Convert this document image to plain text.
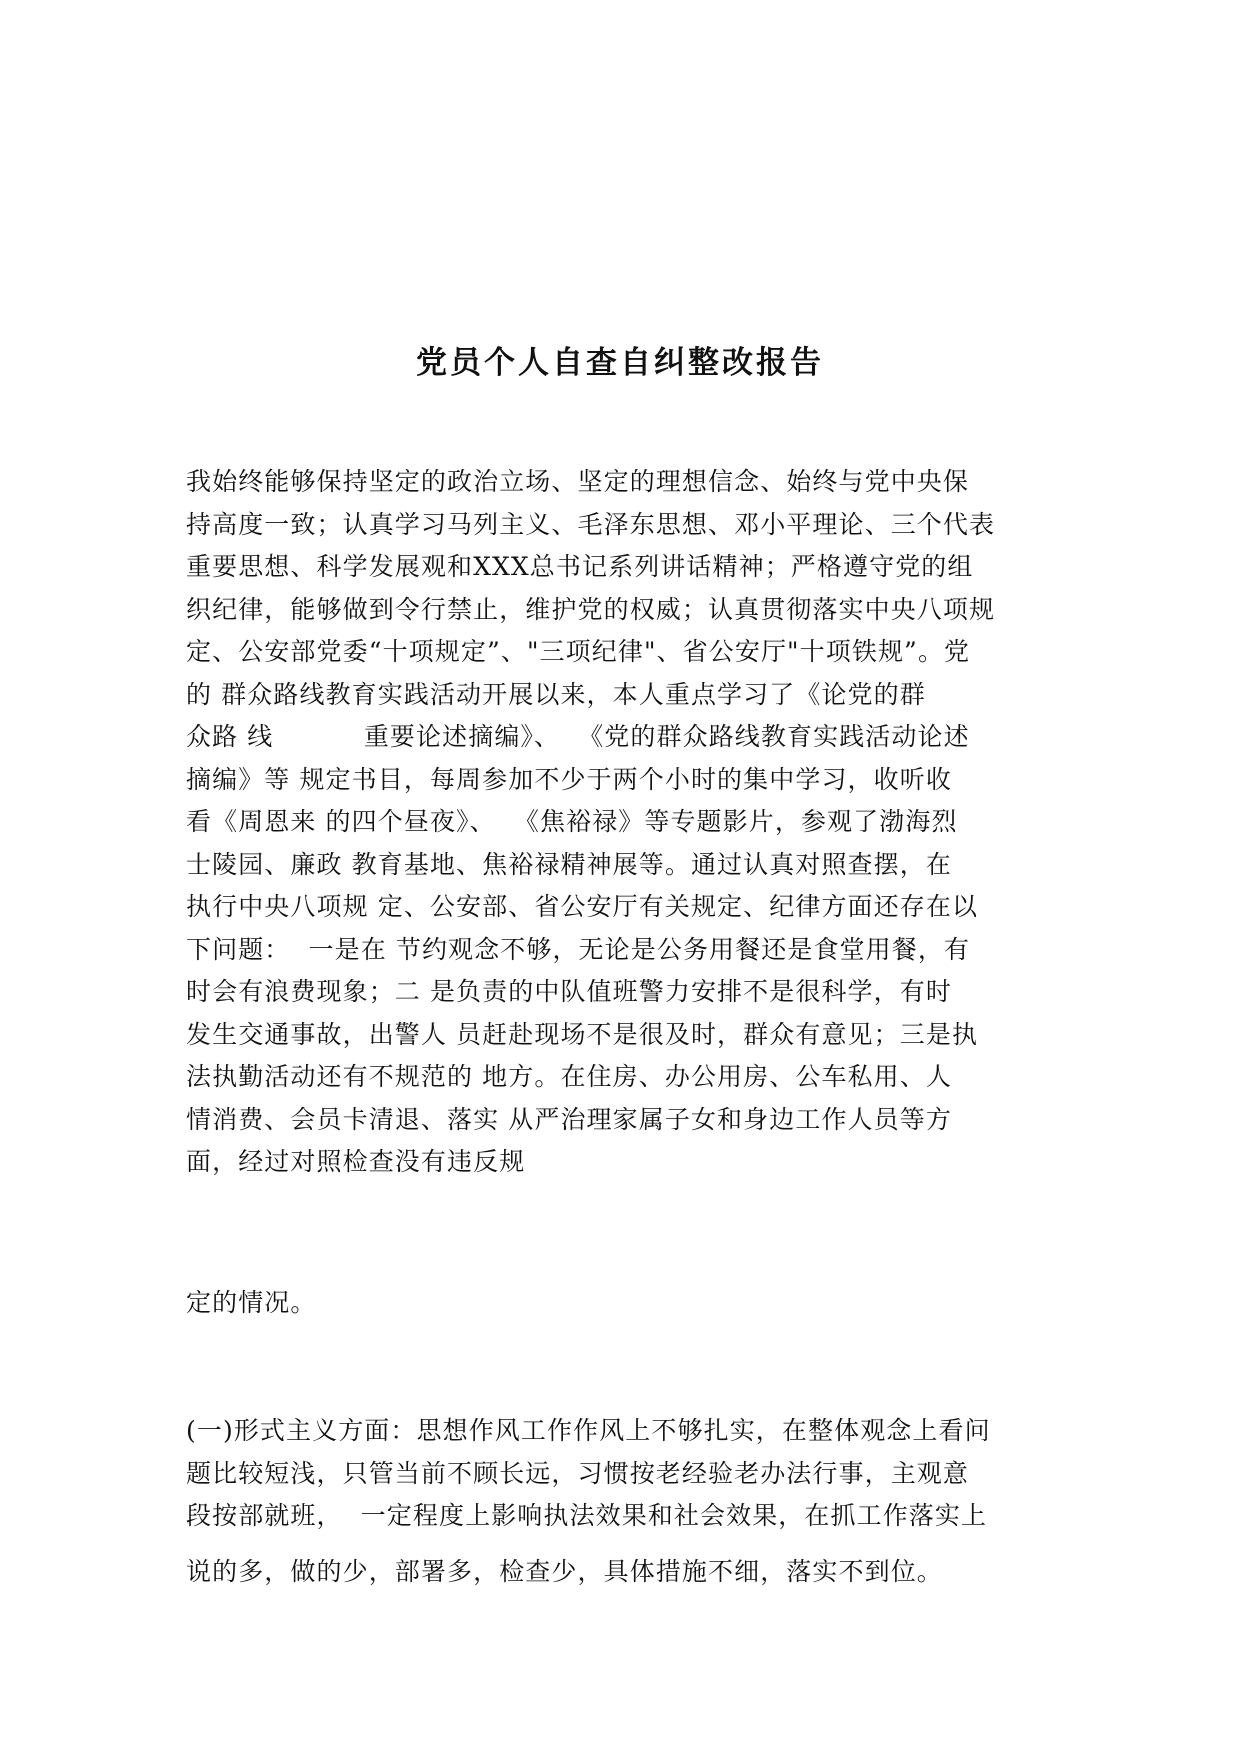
党员个人自查自纠整改报告
我始终能够保持坚定的政治立场、坚定的理想信念、始终与党中央保
持高度一致；认真学习马列主义、毛泽东思想、邓小平理论、三个代表
重要思想、科学发展观和XXX总书记系列讲话精神；严格遵守党的组
织纪律，能够做到令行禁止，维护党的权威；认真贯彻落实中央八项规
定、公安部党委“十项规定”、"三项纪律"、省公安厅"十项铁规”。党
的 群众路线教育实践活动开展以来，本人重点学习了《论党的群
众路 线          重要论述摘编》、  《党的群众路线教育实践活动论述
摘编》等 规定书目，每周参加不少于两个小时的集中学习，收听收
看《周恩来 的四个昼夜》、  《焦裕禄》等专题影片，参观了渤海烈
士陵园、廉政 教育基地、焦裕禄精神展等。通过认真对照查摆，在
执行中央八项规 定、公安部、省公安厅有关规定、纪律方面还存在以
下问题：  一是在 节约观念不够，无论是公务用餐还是食堂用餐，有
时会有浪费现象；二 是负责的中队值班警力安排不是很科学，有时
发生交通事故，出警人 员赶赴现场不是很及时，群众有意见；三是执
法执勤活动还有不规范的 地方。在住房、办公用房、公车私用、人
情消费、会员卡清退、落实 从严治理家属子女和身边工作人员等方
面，经过对照检查没有违反规
定的情况。
(一)形式主义方面：思想作风工作作风上不够扎实，在整体观念上看问
题比较短浅，只管当前不顾长远，习惯按老经验老办法行事，主观意
段按部就班，  一定程度上影响执法效果和社会效果，在抓工作落实上
说的多，做的少，部署多，检查少，具体措施不细，落实不到位。
